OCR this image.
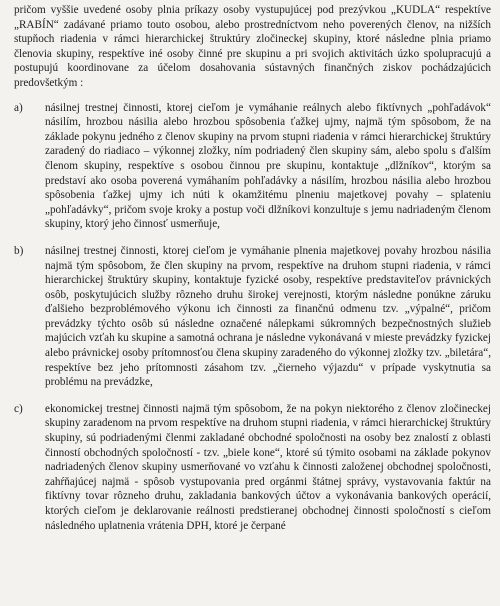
pričom vyššie uvedené osoby plnia príkazy osoby vystupujúcej pod prezývkou „KUDLA“ respektíve „RABÍN“ zadávané priamo touto osobou, alebo prostredníctvom neho poverených členov, na nižších stupňoch riadenia v rámci hierarchickej štruktúry zločineckej skupiny, ktoré následne plnia priamo členovia skupiny, respektíve iné osoby činné pre skupinu a pri svojich aktivitách úzko spolupracujú a postupujú koordinovane za účelom dosahovania sústavných finančných ziskov pochádzajúcich predovšetkým :

a)	násilnej trestnej činnosti, ktorej cieľom je vymáhanie reálnych alebo fiktívnych „pohľadávok“ násilím, hrozbou násilia alebo hrozbou spôsobenia ťažkej ujmy, najmä tým spôsobom, že na základe pokynu jedného z členov skupiny na prvom stupni riadenia v rámci hierarchickej štruktúry zaradený do riadiaco – výkonnej zložky, ním podriadený člen skupiny sám, alebo spolu s ďalším členom skupiny, respektíve s osobou činnou pre skupinu, kontaktuje „dlžníkov“, ktorým sa predstaví ako osoba poverená vymáhaním pohľadávky a násilím, hrozbou násilia alebo hrozbou spôsobenia ťažkej ujmy ich núti k okamžitému plneniu majetkovej povahy – splateniu „pohľadávky“, pričom svoje kroky a postup voči dlžníkovi konzultuje s jemu nadriadeným členom skupiny, ktorý jeho činnosť usmerňuje,

b)	násilnej trestnej činnosti, ktorej cieľom je vymáhanie plnenia majetkovej povahy hrozbou násilia najmä tým spôsobom, že člen skupiny na prvom, respektíve na druhom stupni riadenia, v rámci hierarchickej štruktúry skupiny, kontaktuje fyzické osoby, respektíve predstaviteľov právnických osôb, poskytujúcich služby rôzneho druhu širokej verejnosti, ktorým následne ponúkne záruku ďalšieho bezproblémového výkonu ich činnosti za finančnú odmenu tzv. „výpalné“, pričom prevádzky týchto osôb sú následne označené nálepkami súkromných bezpečnostných služieb majúcich vzťah ku skupine a samotná ochrana je následne vykonávaná v mieste prevádzky fyzickej alebo právnickej osoby prítomnosťou člena skupiny zaradeného do výkonnej zložky tzv. „biletára“, respektíve bez jeho prítomnosti zásahom tzv. „čierneho výjazdu“ v prípade vyskytnutia sa problému na prevádzke,

c)	ekonomickej trestnej činnosti najmä tým spôsobom, že na pokyn niektorého z členov zločineckej skupiny zaradenom na prvom respektíve na druhom stupni riadenia, v rámci hierarchickej štruktúry skupiny, sú podriadenými členmi zakladané obchodné spoločnosti na osoby bez znalostí z oblasti činností obchodných spoločností - tzv. „biele kone“, ktoré sú týmito osobami na základe pokynov nadriadených členov skupiny usmerňované vo vzťahu k činnosti založenej obchodnej spoločnosti, zahŕňajúcej najmä - spôsob vystupovania pred orgánmi štátnej správy, vystavovania faktúr na fiktívny tovar rôzneho druhu, zakladania bankových účtov a vykonávania bankových operácií, ktorých cieľom je deklarovanie reálnosti predstieranej obchodnej činnosti spoločností s cieľom následného uplatnenia vrátenia DPH, ktoré je čerpané
